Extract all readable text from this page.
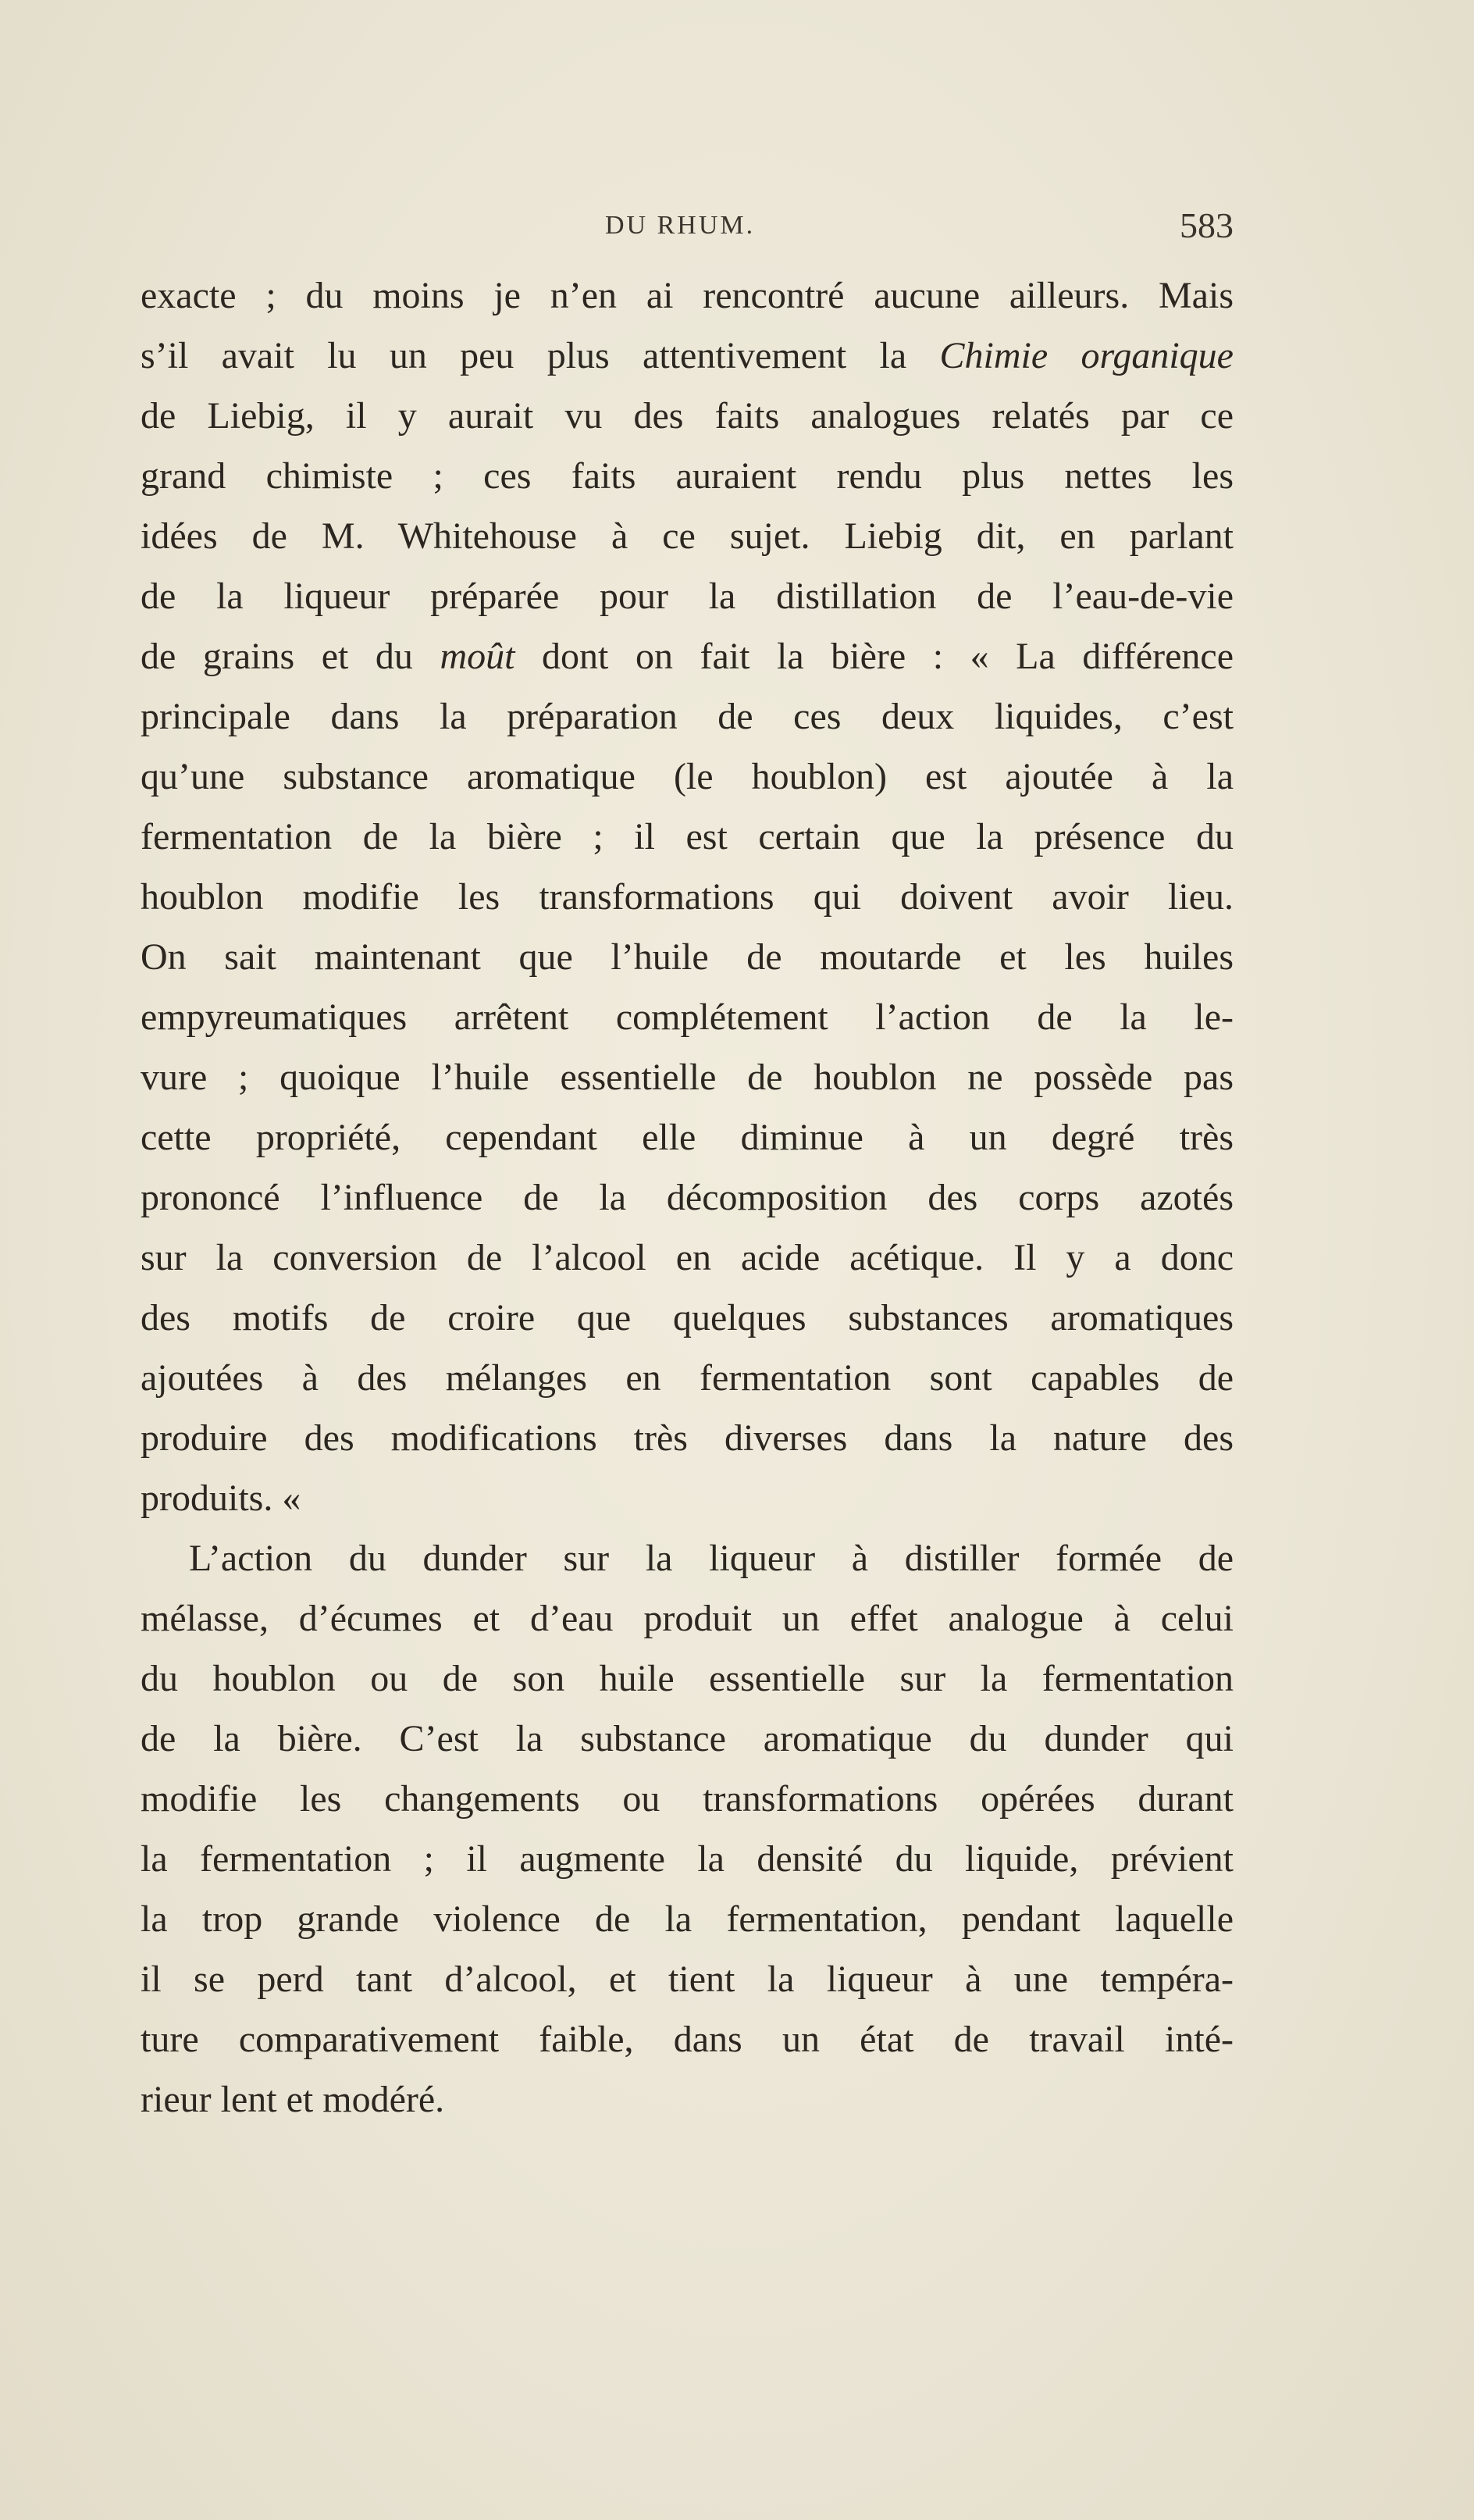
DU RHUM.	583
exacte ; du moins je n’en ai rencontré aucune ailleurs. Mais
s’il avait lu un peu plus attentivement la Chimie organique
de Liebig, il y aurait vu des faits analogues relatés par ce
grand chimiste ; ces faits auraient rendu plus nettes les
idées de M. Whitehouse à ce sujet. Liebig dit, en parlant
de la liqueur préparée pour la distillation de l’eau-de-vie
de grains et du moût dont on fait la bière : « La différence
principale dans la préparation de ces deux liquides, c’est
qu’une substance aromatique (le houblon) est ajoutée à la
fermentation de la bière ; il est certain que la présence du
houblon modifie les transformations qui doivent avoir lieu.
On sait maintenant que l’huile de moutarde et les huiles
empyreumatiques arrêtent complétement l’action de la le-
vure ; quoique l’huile essentielle de houblon ne possède pas
cette propriété, cependant elle diminue à un degré très
prononcé l’influence de la décomposition des corps azotés
sur la conversion de l’alcool en acide acétique. Il y a donc
des motifs de croire que quelques substances aromatiques
ajoutées à des mélanges en fermentation sont capables de
produire des modifications très diverses dans la nature des
produits. «
L’action du dunder sur la liqueur à distiller formée de
mélasse, d’écumes et d’eau produit un effet analogue à celui
du houblon ou de son huile essentielle sur la fermentation
de la bière. C’est la substance aromatique du dunder qui
modifie les changements ou transformations opérées durant
la fermentation ; il augmente la densité du liquide, prévient
la trop grande violence de la fermentation, pendant laquelle
il se perd tant d’alcool, et tient la liqueur à une tempéra-
ture comparativement faible, dans un état de travail inté-
rieur lent et modéré.
